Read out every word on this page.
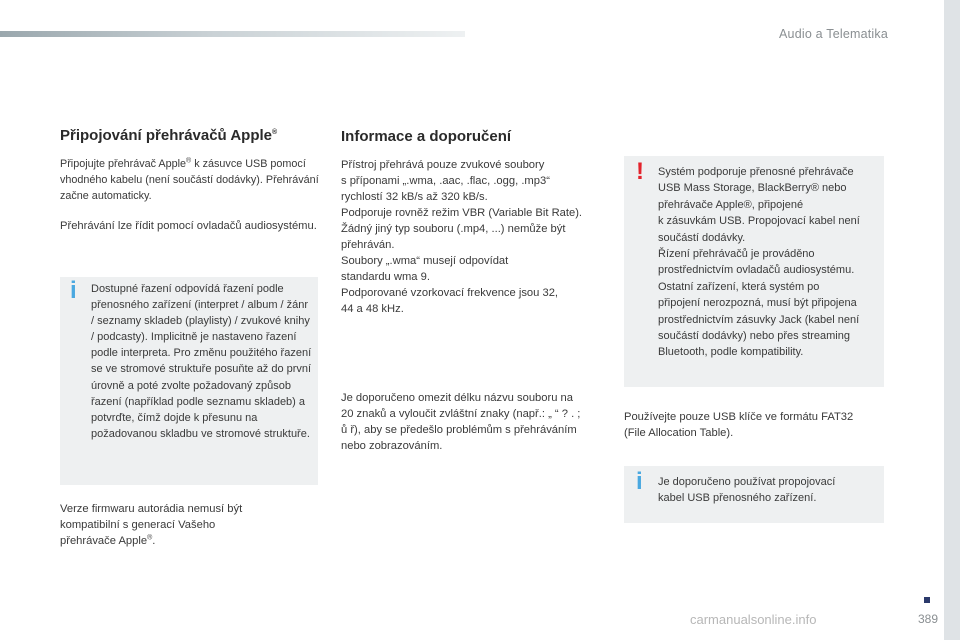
Audio a Telematika
Připojování přehrávačů Apple®

Připojujte přehrávač Apple® k zásuvce USB pomocí vhodného kabelu (není součástí dodávky). Přehrávání začne automaticky.

Přehrávání lze řídit pomocí ovladačů audiosystému.

i Dostupné řazení odpovídá řazení podle přenosného zařízení (interpret / album / žánr / seznamy skladeb (playlisty) / zvukové knihy / podcasty). Implicitně je nastaveno řazení podle interpreta. Pro změnu použitého řazení se ve stromové struktuře posuňte až do první úrovně a poté zvolte požadovaný způsob řazení (například podle seznamu skladeb) a potvrďte, čímž dojde k přesunu na požadovanou skladbu ve stromové struktuře.

Verze firmwaru autorádia nemusí být kompatibilní s generací Vašeho přehrávače Apple®.

Informace a doporučení
Přístroj přehrává pouze zvukové soubory
s příponami „.wma, .aac, .flac, .ogg, .mp3“
rychlostí 32 kB/s až 320 kB/s.
Podporuje rovněž režim VBR (Variable Bit Rate).
Žádný jiný typ souboru (.mp4, ...) nemůže být
přehráván.
Soubory „.wma“ musejí odpovídat
standardu wma 9.
Podporované vzorkovací frekvence jsou 32,
44 a 48 kHz.
Je doporučeno omezit délku názvu souboru na
20 znaků a vyloučit zvláštní znaky (např.: „ “ ? . ;
ů ř), aby se předešlo problémům s přehráváním
nebo zobrazováním.
! Systém podporuje přenosné přehrávače
USB Mass Storage, BlackBerry® nebo
přehrávače Apple®, připojené
k zásuvkám USB. Propojovací kabel není
součástí dodávky.
Řízení přehrávačů je prováděno
prostřednictvím ovladačů audiosystému.
Ostatní zařízení, která systém po
připojení nerozpozná, musí být připojena
prostřednictvím zásuvky Jack (kabel není
součástí dodávky) nebo přes streaming
Bluetooth, podle kompatibility.
Používejte pouze USB klíče ve formátu FAT32
(File Allocation Table).
i Je doporučeno používat propojovací
kabel USB přenosného zařízení.
389
carmanualsonline.info
